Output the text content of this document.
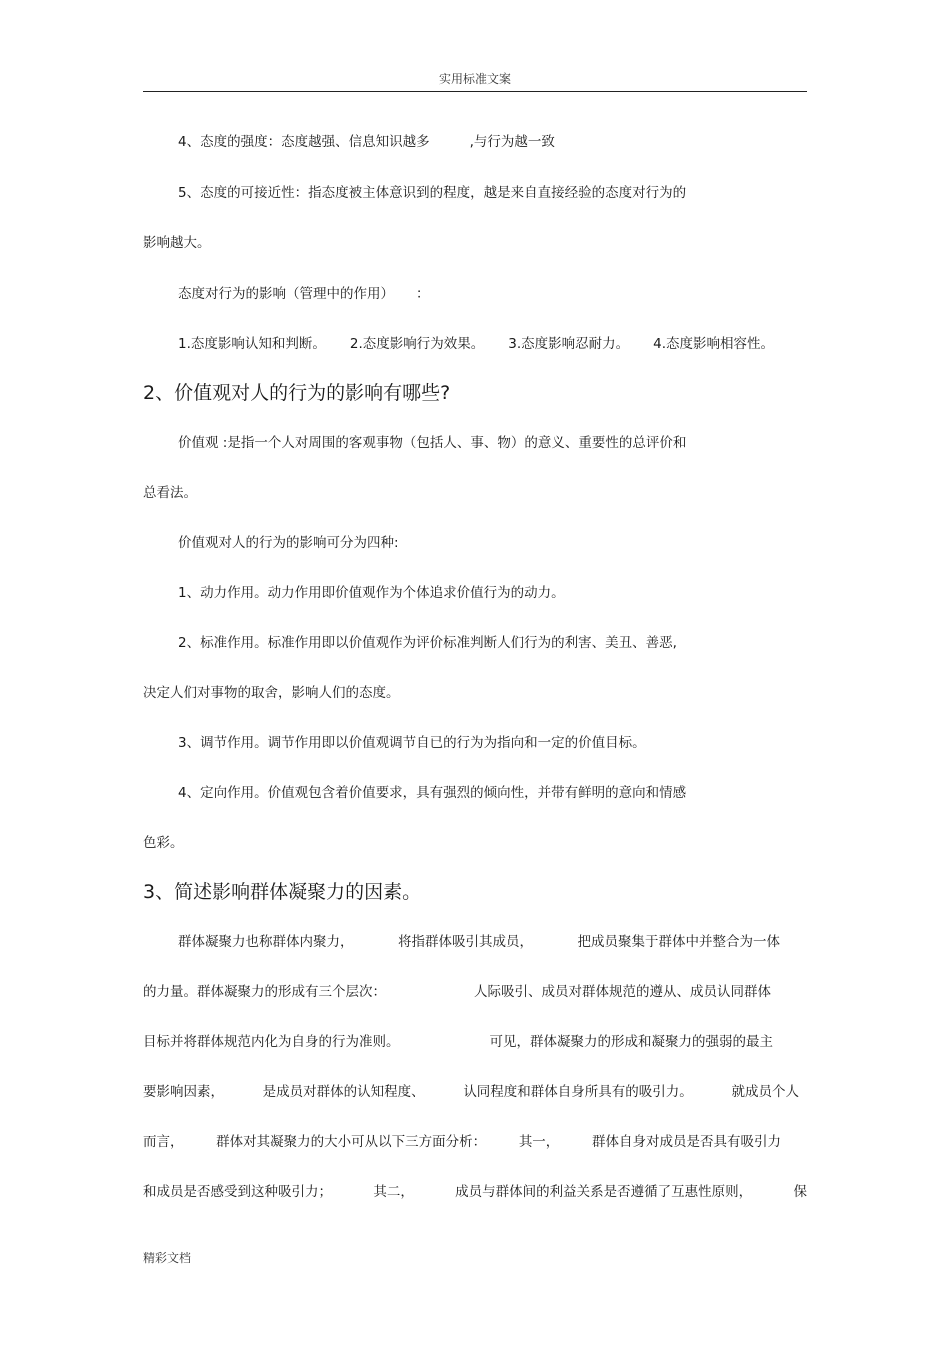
实用标准文案
4、态度的强度：态度越强、信息知识越多	,与行为越一致
5、态度的可接近性：指态度被主体意识到的程度，越是来自直接经验的态度对行为的
影响越大。
态度对行为的影响（管理中的作用） ：
1.态度影响认知和判断。 2.态度影响行为效果。 3.态度影响忍耐力。 4.态度影响相容性。
2、价值观对人的行为的影响有哪些?
价值观 :是指一个人对周围的客观事物（包括人、事、物）的意义、重要性的总评价和
总看法。
价值观对人的行为的影响可分为四种:
1、动力作用。动力作用即价值观作为个体追求价值行为的动力。
2、标准作用。标准作用即以价值观作为评价标准判断人们行为的利害、美丑、善恶,
决定人们对事物的取舍，影响人们的态度。
3、调节作用。调节作用即以价值观调节自已的行为为指向和一定的价值目标。
4、定向作用。价值观包含着价值要求，具有强烈的倾向性，并带有鲜明的意向和情感
色彩。
3、简述影响群体凝聚力的因素。
群体凝聚力也称群体内聚力，	将指群体吸引其成员，	把成员聚集于群体中并整合为一体
的力量。群体凝聚力的形成有三个层次：	人际吸引、成员对群体规范的遵从、成员认同群体
目标并将群体规范内化为自身的行为准则。	可见，群体凝聚力的形成和凝聚力的强弱的最主
要影响因素，	是成员对群体的认知程度、	认同程度和群体自身所具有的吸引力。	就成员个人
而言， 群体对其凝聚力的大小可从以下三方面分析： 其一， 群体自身对成员是否具有吸引力
和成员是否感受到这种吸引力；	其二，	成员与群体间的利益关系是否遵循了互惠性原则，	保
精彩文档
